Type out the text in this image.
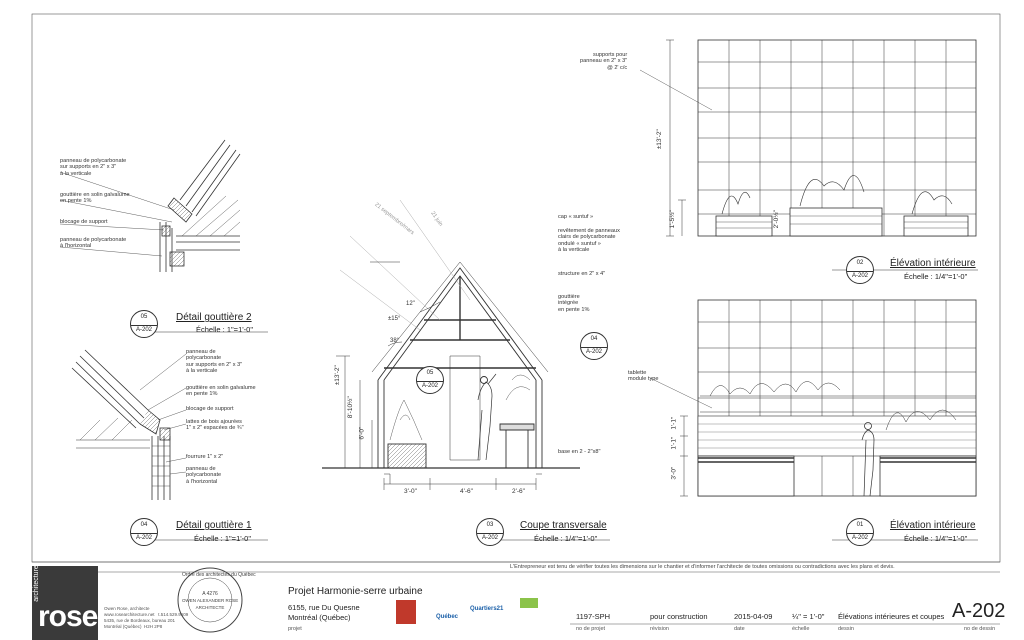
panneau de polycarbonate
sur supports en 2" x 3"
à la verticale
gouttière en solin galvalume
en pente 1%
blocage de support
panneau de polycarbonate
à l'horizontal
05
A-202
Détail gouttière 2
Échelle : 1"=1'-0"
panneau de
polycarbonate
sur supports en 2" x 3"
à la verticale
gouttière en solin galvalume
en pente 1%
blocage de support
lattes de bois ajourées
1" x 2" espacées de ¾"
fourrure 1" x 2"
panneau de
polycarbonate
à l'horizontal
04
A-202
Détail gouttière 1
Échelle : 1"=1'-0"
cap « suntuf »
revêtement de panneaux
clairs de polycarbonate
ondulé « suntuf »
à la verticale
structure en 2" x 4"
gouttière
intégrée
en pente 1%
base en 2 - 2"x8"
3'-0"	4'-6"	2'-6"
±13'-2"
8'-10½"
6'-0"
±15°
38°
12"
21 septembre/mars	21 juin
05
A-202
04
A-202
03
A-202
Coupe transversale
Échelle : 1/4"=1'-0"
supports pour
panneau en 2" x 3"
@ 2' c/c
±13'-2"
1'-5½"	2'-0½"
02
A-202
Élévation intérieure
Échelle : 1/4"=1'-0"
tablette
module type
1'-1"
1'-1"
3'-0"
01
A-202
Élévation intérieure
Échelle : 1/4"=1'-0"
L'Entrepreneur est tenu de vérifier toutes les dimensions sur le chantier et d'informer l'architecte de toutes omissions ou contradictions avec les plans et devis.
rose
architecture
Owen Rose, architecte
www.rosearchitecture.net   t.514.529.9609
5435, rue de Bordeaux, bureau 201
Montréal (Québec)  H2H 2P8
Ordre des architectes du Québec
A 4276
OWEN ALEXANDER ROSE
ARCHITECTE
Projet Harmonie-serre urbaine
6155, rue Du Quesne
Montréal (Québec)
projet
Quartiers21
Québec	1197-SPH
no de projet
pour construction
révision
2015-04-09
date
¼" = 1'-0"
échelle
Élévations intérieures et coupes
dessin
A-202
no de dessin
